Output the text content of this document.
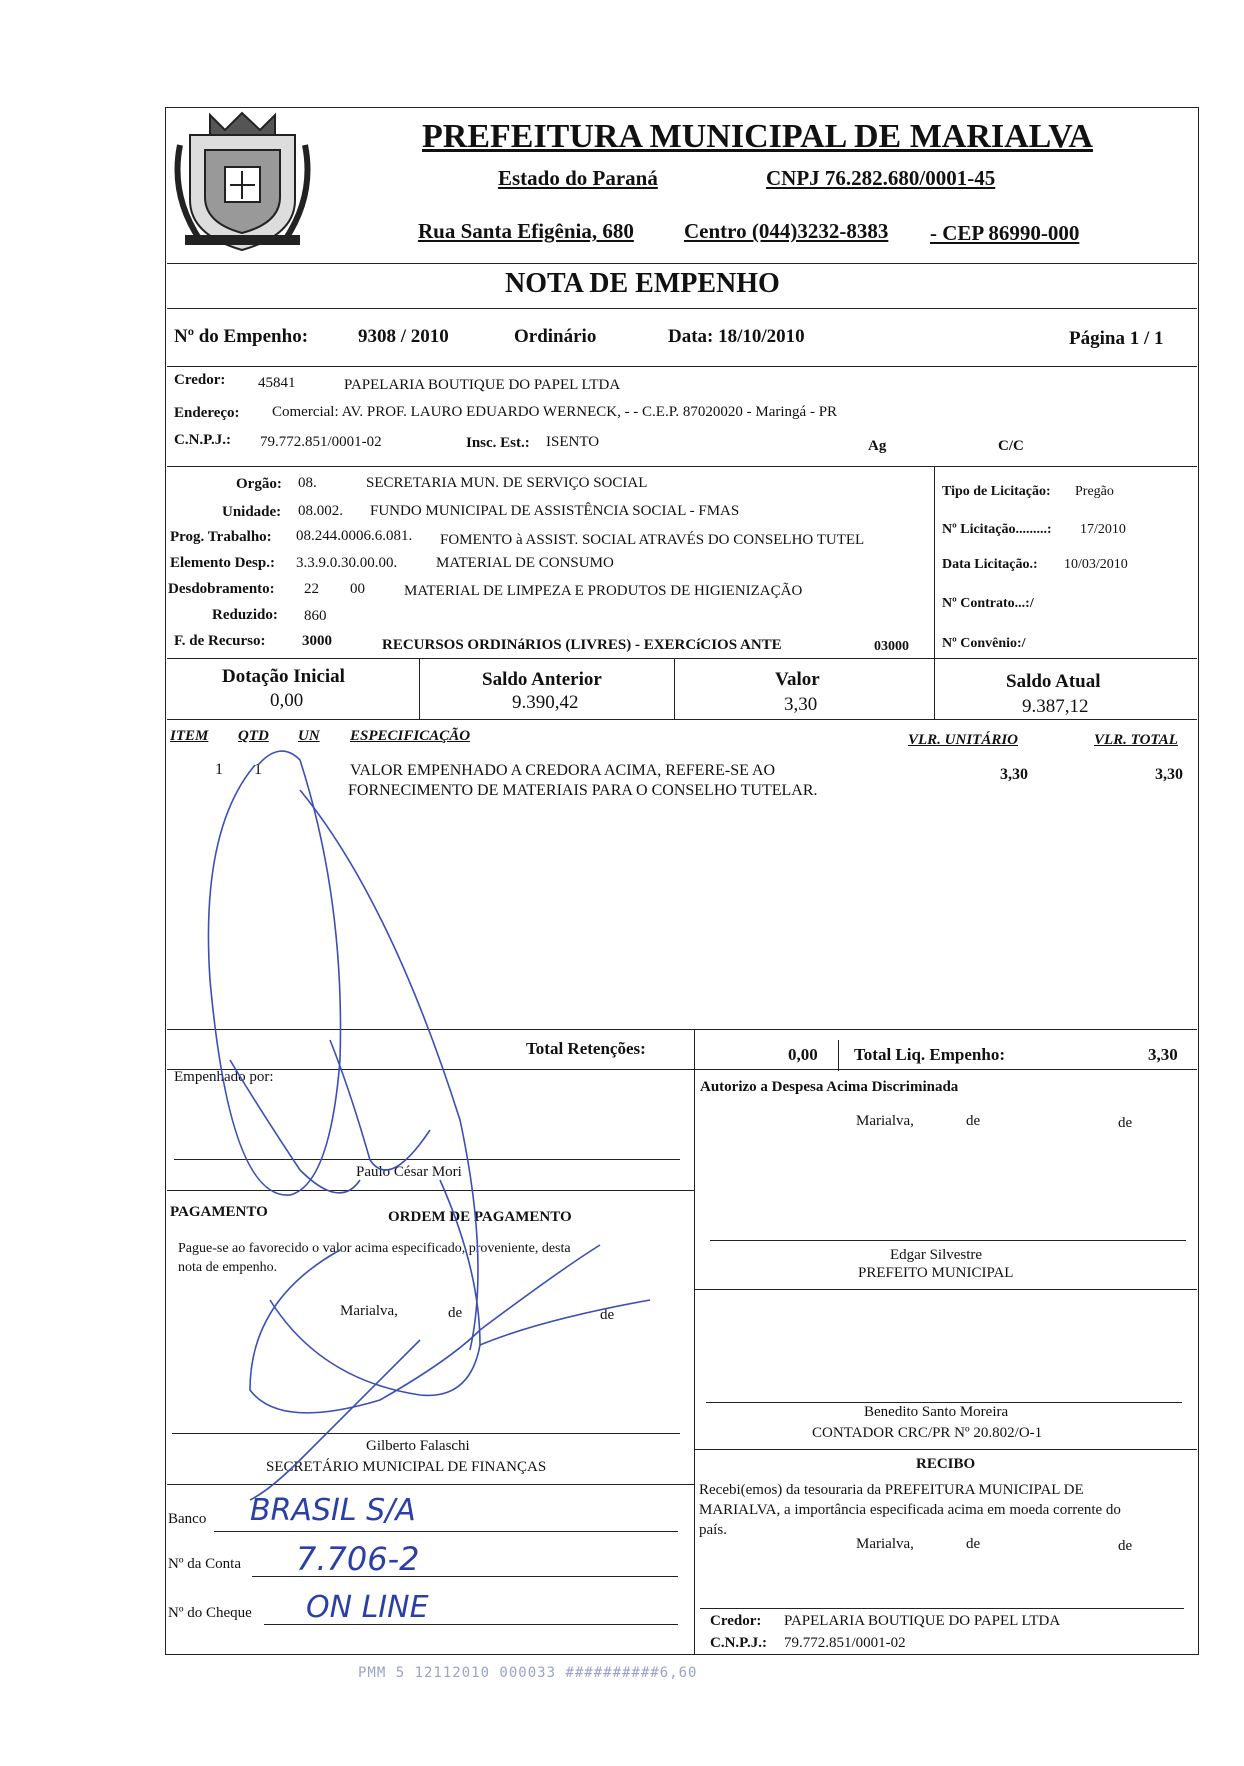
PREFEITURA MUNICIPAL DE MARIALVA
Estado do Paraná	CNPJ 76.282.680/0001-45
Rua Santa Efigênia, 680 Centro (044)3232-8383 - CEP 86990-000
NOTA DE EMPENHO
Nº do Empenho:	9308 / 2010	Ordinário	Data: 18/10/2010	Página 1 / 1
Credor: 45841	PAPELARIA BOUTIQUE DO PAPEL LTDA
Endereço: Comercial: AV. PROF. LAURO EDUARDO WERNECK, - - C.E.P. 87020020 - Maringá - PR
C.N.P.J.: 79.772.851/0001-02	Insc. Est.: ISENTO	Ag	C/C
Orgão: 08.	SECRETARIA MUN. DE SERVIÇO SOCIAL
Unidade: 08.002. FUNDO MUNICIPAL DE ASSISTÊNCIA SOCIAL - FMAS
Prog. Trabalho: 08.244.0006.6.081. FOMENTO à ASSIST. SOCIAL ATRAVÉS DO CONSELHO TUTEL
Elemento Desp.: 3.3.9.0.30.00.00.	MATERIAL DE CONSUMO
Desdobramento: 22 00	MATERIAL DE LIMPEZA E PRODUTOS DE HIGIENIZAÇÃO
Reduzido: 860
F. de Recurso: 3000	RECURSOS ORDINáRIOS (LIVRES) - EXERCíCIOS ANTE	03000
Tipo de Licitação: Pregão
Nº Licitação.........: 17/2010
Data Licitação.: 10/03/2010
Nº Contrato...:/
Nº Convênio:/
Dotação Inicial
0,00
Saldo Anterior
9.390,42
Valor
3,30
Saldo Atual
9.387,12
ITEM QTD UN ESPECIFICAÇÃO	VLR. UNITÁRIO	VLR. TOTAL
1 1	VALOR EMPENHADO A CREDORA ACIMA, REFERE-SE AO
FORNECIMENTO DE MATERIAIS PARA O CONSELHO TUTELAR.
3,30	3,30
Total Retenções:	0,00 Total Liq. Empenho:	3,30
Empenhado por:
Paulo César Mori
PAGAMENTO	ORDEM DE PAGAMENTO
Pague-se ao favorecido o valor acima especificado, proveniente, desta
nota de empenho.
Marialva,	de	de
Gilberto Falaschi
SECRETÁRIO MUNICIPAL DE FINANÇAS
Banco BRASIL S/A
Nº da Conta 7.706-2
Nº do Cheque ON LINE
Autorizo a Despesa Acima Discriminada
Marialva,	de	de
Edgar Silvestre
PREFEITO MUNICIPAL
Benedito Santo Moreira
CONTADOR CRC/PR Nº 20.802/O-1
RECIBO
Recebi(emos) da tesouraria da PREFEITURA MUNICIPAL DE
MARIALVA, a importância especificada acima em moeda corrente do
país.
Marialva,	de	de
Credor: PAPELARIA BOUTIQUE DO PAPEL LTDA
C.N.P.J.: 79.772.851/0001-02
PMM 5 12112010 000033 ##########6,60
